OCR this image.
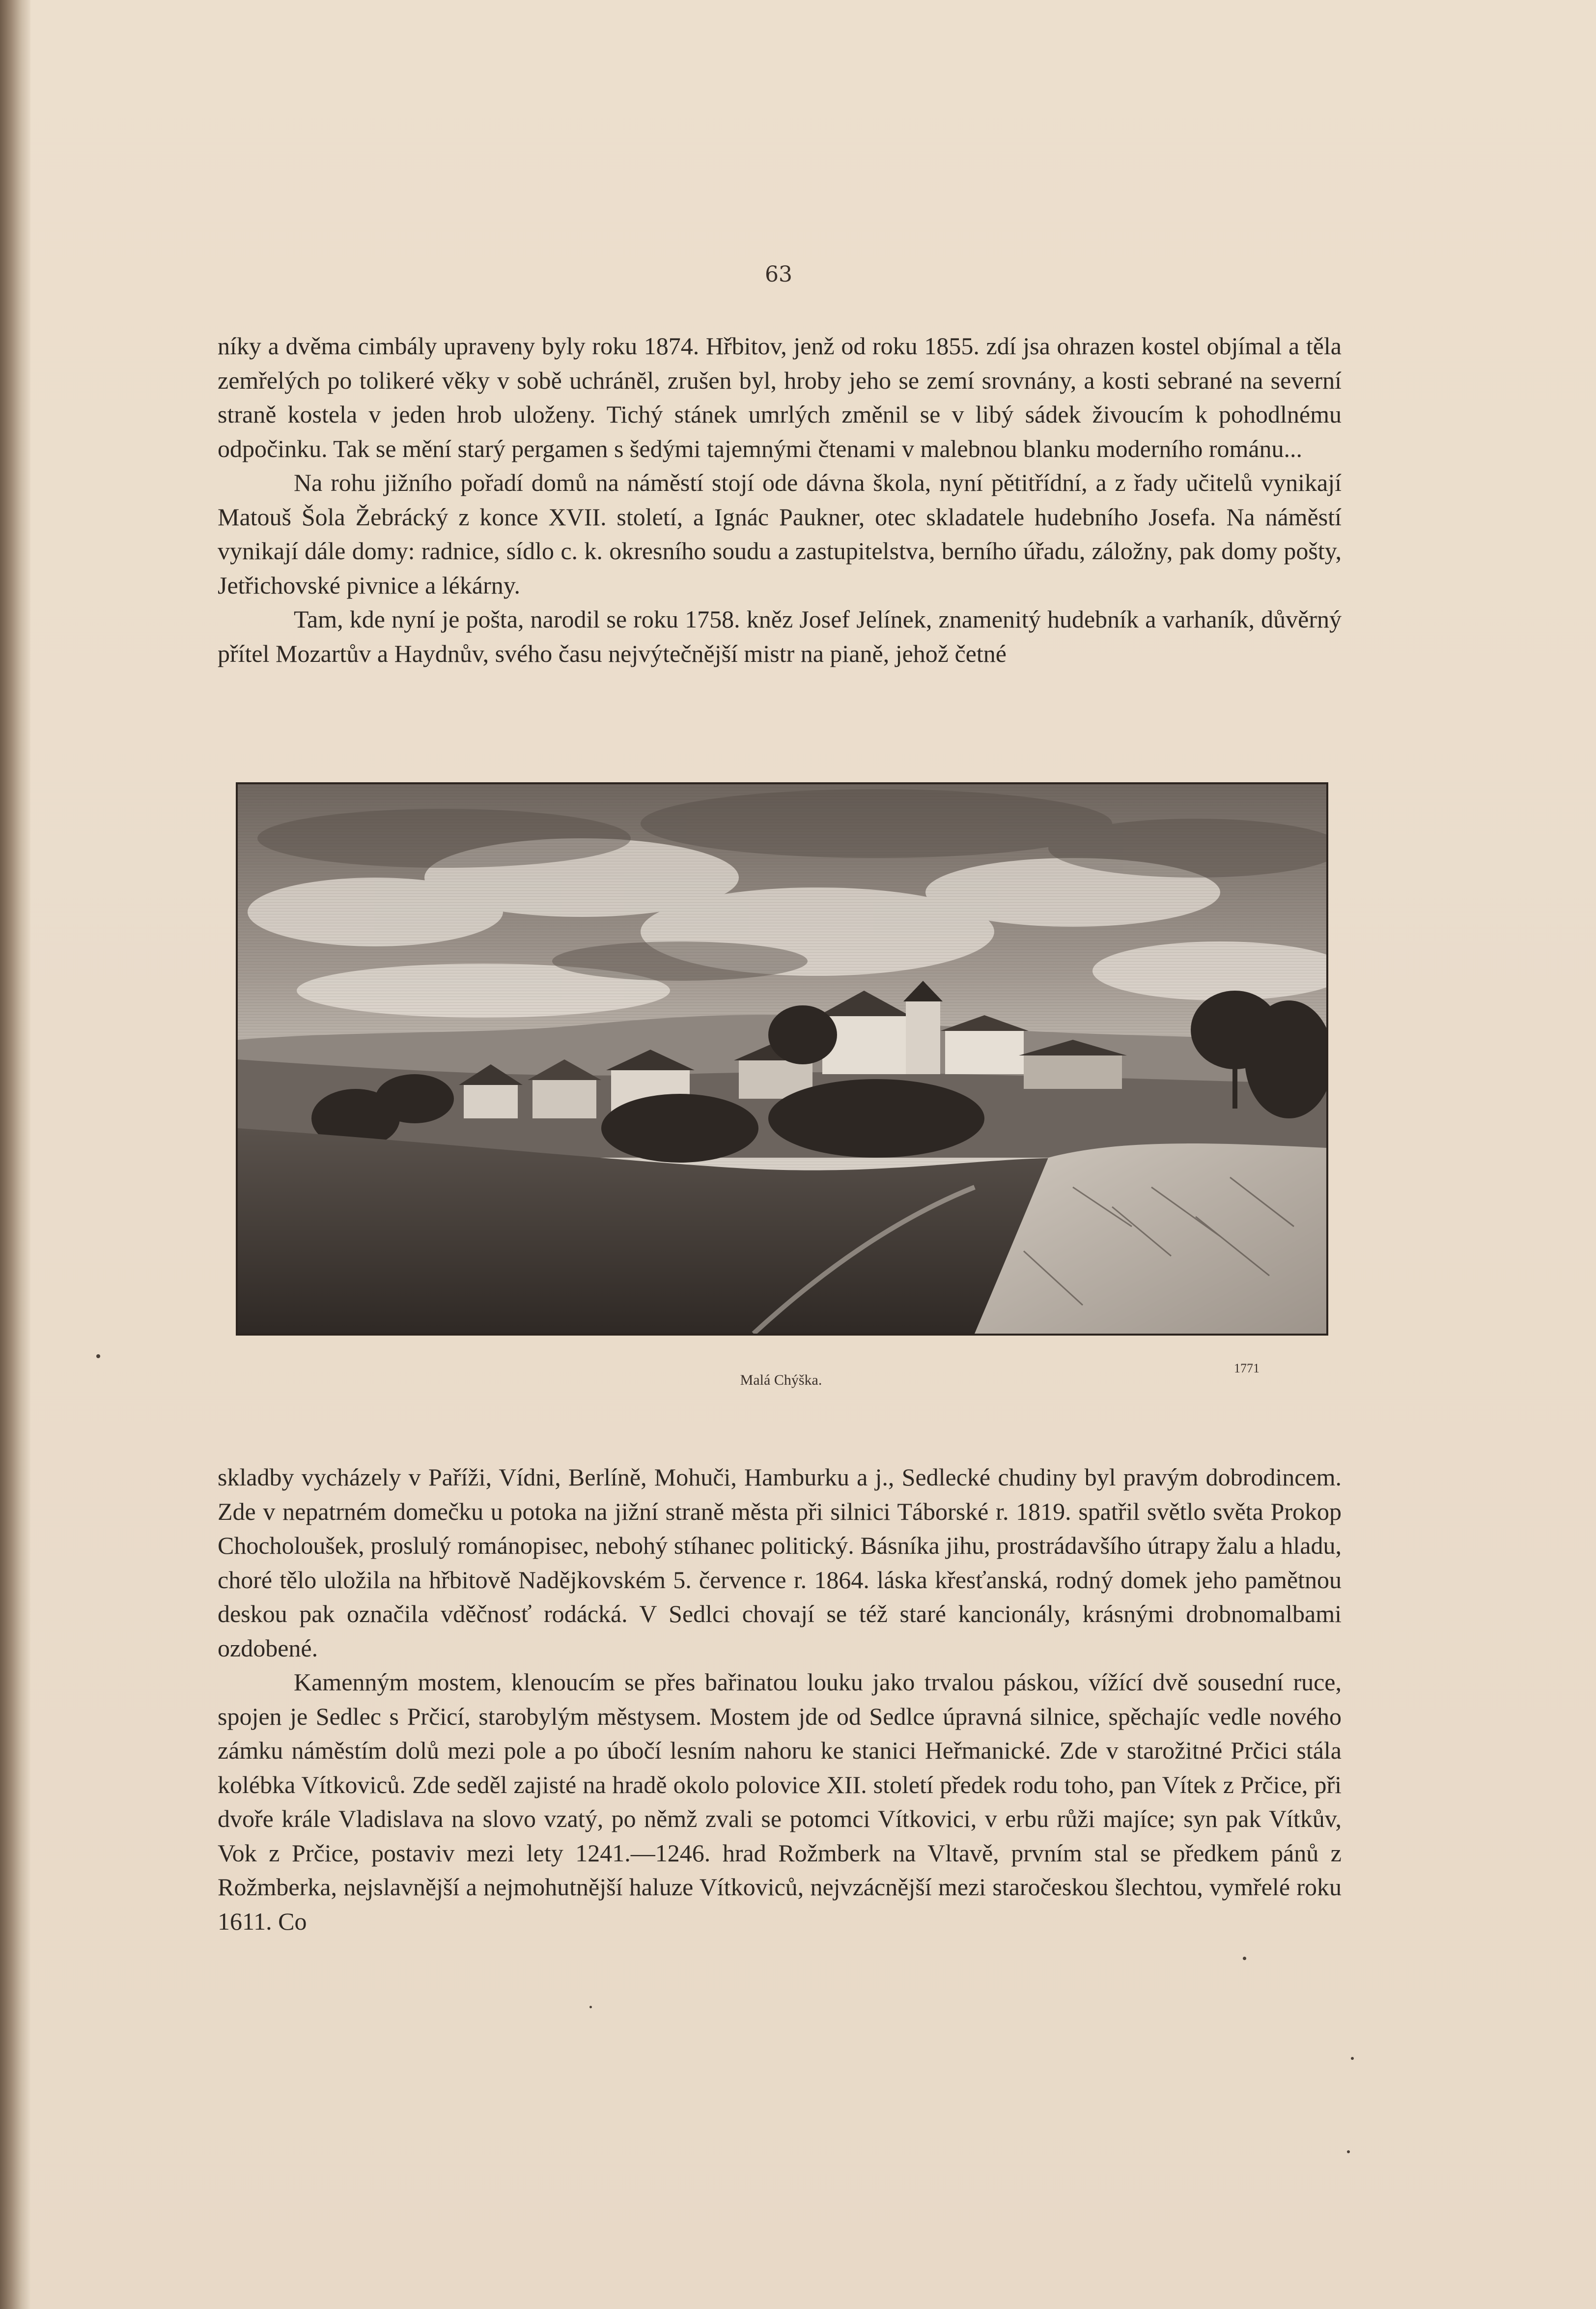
63

níky a dvěma cimbály upraveny byly roku 1874. Hřbitov, jenž od roku 1855. zdí jsa ohrazen kostel objímal a těla zemřelých po tolikeré věky v sobě uchránĕl, zrušen byl, hroby jeho se zemí srovnány, a kosti sebrané na severní straně kostela v jeden hrob uloženy. Tichý stánek umrlých změnil se v libý sádek živoucím k pohodlnému odpočinku. Tak se mění starý pergamen s šedými tajemnými čtenami v malebnou blanku moderního románu...

Na rohu jižního pořadí domů na náměstí stojí ode dávna škola, nyní pětitřídní, a z řady učitelů vynikají Matouš Šola Žebrácký z konce XVII. století, a Ignác Paukner, otec skladatele hudebního Josefa. Na náměstí vynikají dále domy: radnice, sídlo c. k. okresního soudu a zastupitelstva, berního úřadu, záložny, pak domy pošty, Jetřichovské pivnice a lékárny.

Tam, kde nyní je pošta, narodil se roku 1758. kněz Josef Jelínek, znamenitý hudebník a varhaník, důvěrný přítel Mozartův a Haydnův, svého času nejvýtečnější mistr na pianě, jehož četné

1771
Malá Chýška.

skladby vycházely v Paříži, Vídni, Berlíně, Mohuči, Hamburku a j., Sedlecké chudiny byl pravým dobrodincem. Zde v nepatrném domečku u potoka na jižní straně města při silnici Táborské r. 1819. spatřil světlo světa Prokop Chocholoušek, proslulý románopisec, nebohý stíhanec politický. Básníka jihu, prostrádavšího útrapy žalu a hladu, choré tělo uložila na hřbitově Nadějkovském 5. července r. 1864. láska křesťanská, rodný domek jeho pamětnou deskou pak označila vděčnosť rodácká. V Sedlci chovají se též staré kancionály, krásnými drobnomalbami ozdobené.

Kamenným mostem, klenoucím se přes bařinatou louku jako trvalou páskou, vížící dvě sousední ruce, spojen je Sedlec s Prčicí, starobylým městysem. Mostem jde od Sedlce úpravná silnice, spěchajíc vedle nového zámku náměstím dolů mezi pole a po úbočí lesním nahoru ke stanici Heřmanické. Zde v starožitné Prčici stála kolébka Vítkoviců. Zde seděl zajisté na hradě okolo polovice XII. století předek rodu toho, pan Vítek z Prčice, při dvoře krále Vladislava na slovo vzatý, po němž zvali se potomci Vítkovici, v erbu růži majíce; syn pak Vítkův, Vok z Prčice, postaviv mezi lety 1241.—1246. hrad Rožmberk na Vltavě, prvním stal se předkem pánů z Rožmberka, nejslavnější a nejmohutnější haluze Vítkoviců, nejvzácnější mezi staročeskou šlechtou, vymřelé roku 1611. Co
